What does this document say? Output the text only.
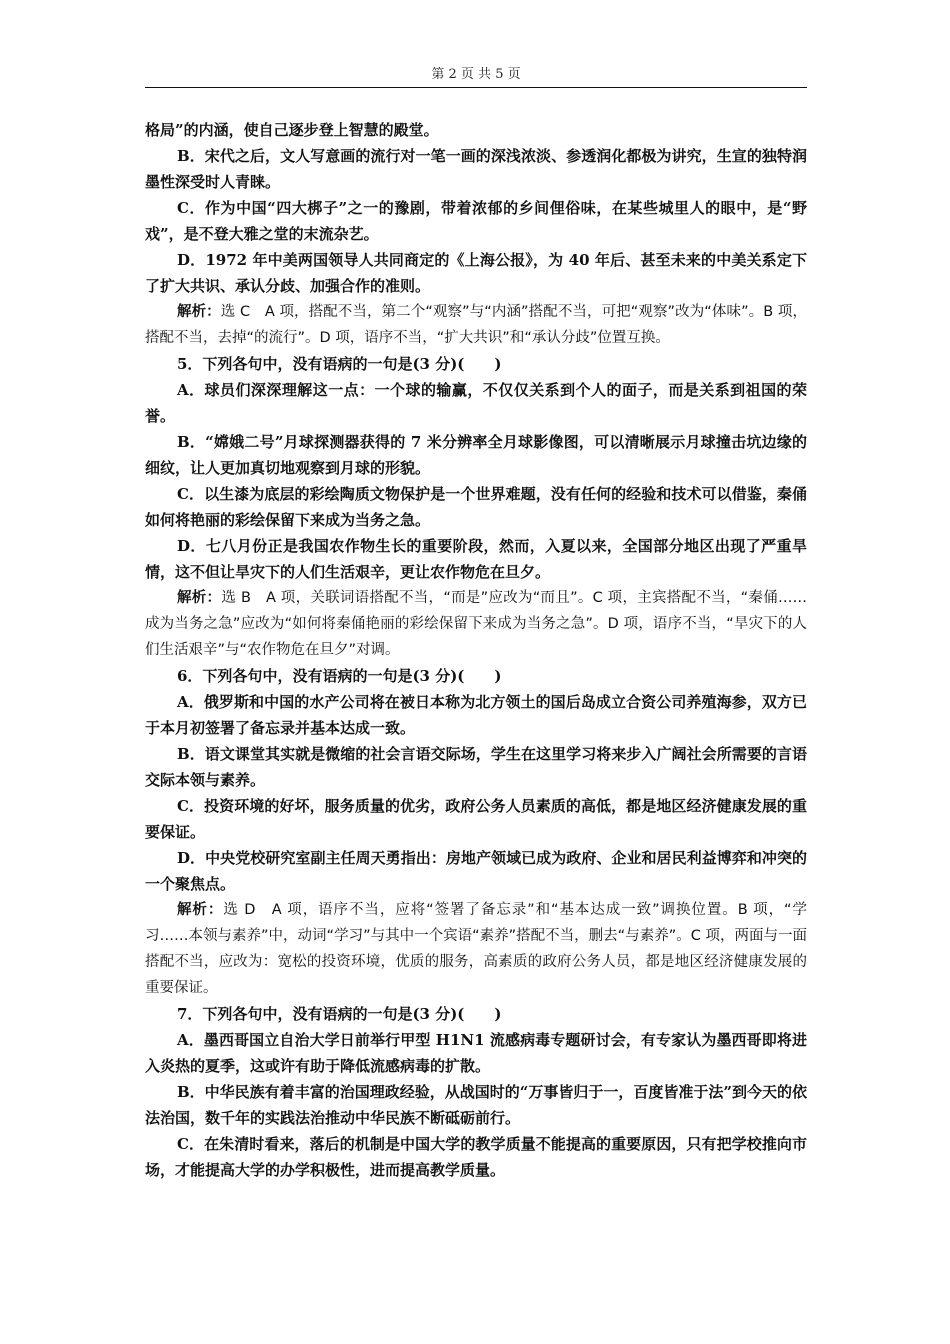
第 2 页 共 5 页

格局”的内涵，使自己逐步登上智慧的殿堂。

B．宋代之后，文人写意画的流行对一笔一画的深浅浓淡、参透润化都极为讲究，生宣的独特润墨性深受时人青睐。

C．作为中国“四大梆子”之一的豫剧，带着浓郁的乡间俚俗味，在某些城里人的眼中，是“野戏”，是不登大雅之堂的末流杂艺。

D．1972 年中美两国领导人共同商定的《上海公报》，为 40 年后、甚至未来的中美关系定下了扩大共识、承认分歧、加强合作的准则。

解析：选 C　A 项，搭配不当，第二个“观察”与“内涵”搭配不当，可把“观察”改为“体味”。B 项，搭配不当，去掉“的流行”。D 项，语序不当，“扩大共识”和“承认分歧”位置互换。

5．下列各句中，没有语病的一句是(3 分)(　　)

A．球员们深深理解这一点：一个球的输赢，不仅仅关系到个人的面子，而是关系到祖国的荣誉。

B．“嫦娥二号”月球探测器获得的 7 米分辨率全月球影像图，可以清晰展示月球撞击坑边缘的细纹，让人更加真切地观察到月球的形貌。

C．以生漆为底层的彩绘陶质文物保护是一个世界难题，没有任何的经验和技术可以借鉴，秦俑如何将艳丽的彩绘保留下来成为当务之急。

D．七八月份正是我国农作物生长的重要阶段，然而，入夏以来，全国部分地区出现了严重旱情，这不但让旱灾下的人们生活艰辛，更让农作物危在旦夕。

解析：选 B　A 项，关联词语搭配不当，“而是”应改为“而且”。C 项，主宾搭配不当，“秦俑……成为当务之急”应改为“如何将秦俑艳丽的彩绘保留下来成为当务之急”。D 项，语序不当，“旱灾下的人们生活艰辛”与“农作物危在旦夕”对调。

6．下列各句中，没有语病的一句是(3 分)(　　)

A．俄罗斯和中国的水产公司将在被日本称为北方领土的国后岛成立合资公司养殖海参，双方已于本月初签署了备忘录并基本达成一致。

B．语文课堂其实就是微缩的社会言语交际场，学生在这里学习将来步入广阔社会所需要的言语交际本领与素养。

C．投资环境的好坏，服务质量的优劣，政府公务人员素质的高低，都是地区经济健康发展的重要保证。

D．中央党校研究室副主任周天勇指出：房地产领域已成为政府、企业和居民利益博弈和冲突的一个聚焦点。

解析：选 D　A 项，语序不当，应将“签署了备忘录”和“基本达成一致”调换位置。B 项，“学习……本领与素养”中，动词“学习”与其中一个宾语“素养”搭配不当，删去“与素养”。C 项，两面与一面搭配不当，应改为：宽松的投资环境，优质的服务，高素质的政府公务人员，都是地区经济健康发展的重要保证。

7．下列各句中，没有语病的一句是(3 分)(　　)

A．墨西哥国立自治大学日前举行甲型 H1N1 流感病毒专题研讨会，有专家认为墨西哥即将进入炎热的夏季，这或许有助于降低流感病毒的扩散。

B．中华民族有着丰富的治国理政经验，从战国时的“万事皆归于一，百度皆准于法”到今天的依法治国，数千年的实践法治推动中华民族不断砥砺前行。

C．在朱清时看来，落后的机制是中国大学的教学质量不能提高的重要原因，只有把学校推向市场，才能提高大学的办学积极性，进而提高教学质量。
